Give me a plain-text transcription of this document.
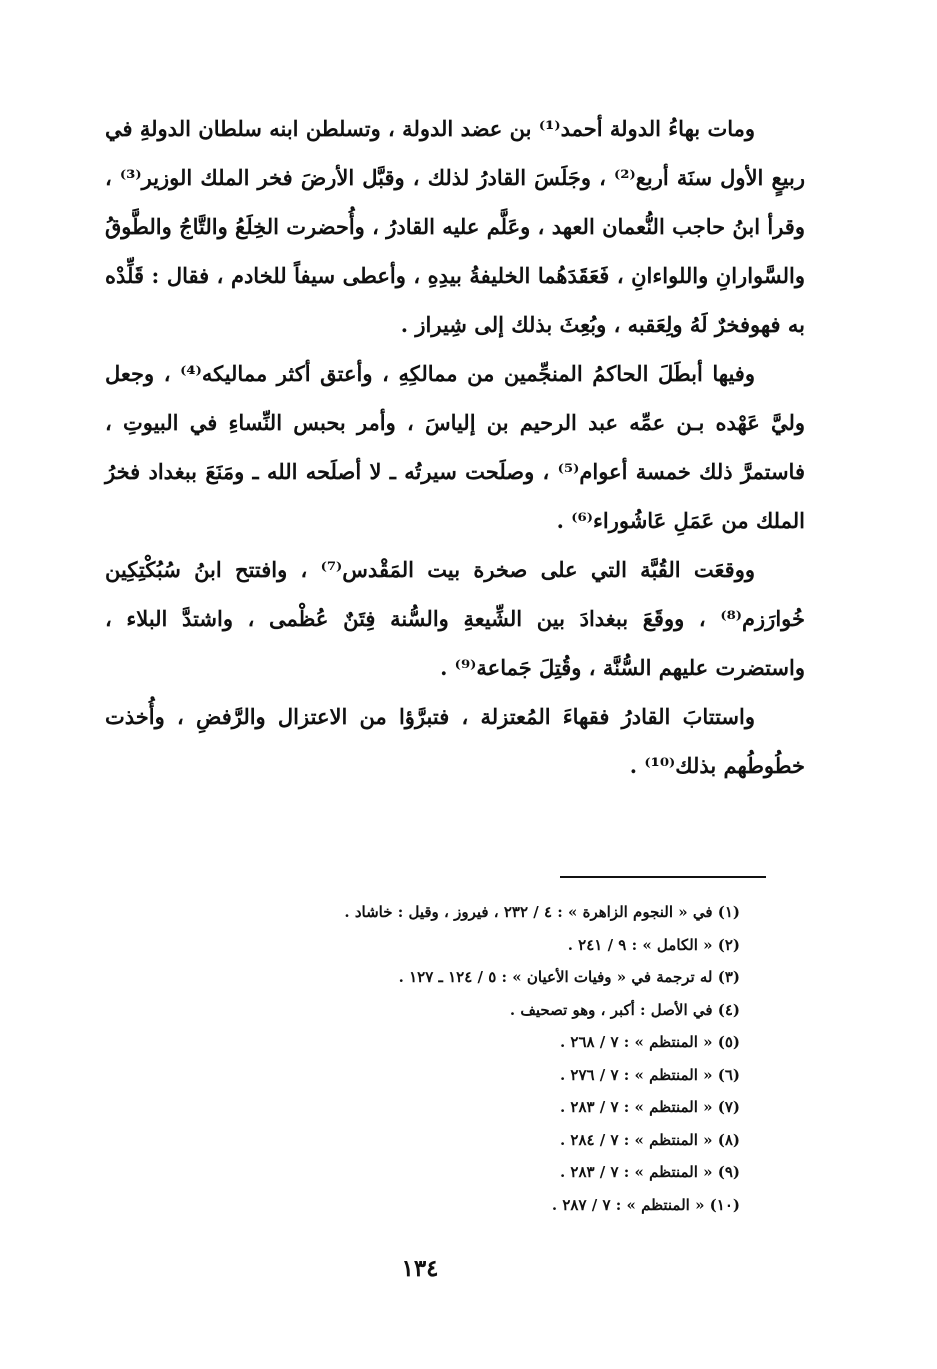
ومات بهاءُ الدولة أحمد⁽¹⁾ بن عضد الدولة ، وتسلطن ابنه سلطان الدولةِ في ربيعٍ الأول سنَة أربع⁽²⁾ ، وجَلَسَ القادرُ لذلك ، وقبَّل الأرضَ فخر الملك الوزير⁽³⁾ ، وقرأ ابنُ حاجب النُّعمان العهد ، وعَلَّم عليه القادرُ ، وأُحضرت الخِلَعُ والتَّاجُ والطَّوقُ والسَّوارانِ واللواءانِ ، فَعَقَدَهُما الخليفةُ بيدِهِ ، وأعطى سيفاً للخادم ، فقال : قَلِّدْه به فهوفخرٌ لَهُ ولِعَقبه ، وبُعِثَ بذلك إلى شِيراز .

وفيها أبطَلَ الحاكمُ المنجِّمين من ممالكِهِ ، وأعتق أكثر مماليكه⁽⁴⁾ ، وجعل وليَّ عَهْده بـن عمِّه عبد الرحيم بن إلياسَ ، وأمر بحبس النِّساءِ في البيوتِ ، فاستمرَّ ذلك خمسة أعوام⁽⁵⁾ ، وصلَحت سيرتُه ـ لا أصلَحه الله ـ ومَنَعَ ببغداد فخرُ الملك من عَمَلِ عَاشُوراء⁽⁶⁾ .

ووقعَت القُبَّة التي على صخرة بيت المَقْدس⁽⁷⁾ ، وافتتح ابنُ سُبُكْتِكِين خُوارَزم⁽⁸⁾ ، ووقَعَ ببغدادَ بين الشِّيعةِ والسُّنة فِتَنٌ عُظْمى ، واشتدَّ البلاء ، واستضرت عليهم السُّنَّة ، وقُتِلَ جَماعة⁽⁹⁾ .

واستتابَ القادرُ فقهاءَ المُعتزلة ، فتبرَّؤا من الاعتزال والرَّفضِ ، وأُخذت خطُوطُهم بذلك⁽¹⁰⁾ .

(١) في « النجوم الزاهرة » : ٤ / ٢٣٢ ، فيروز ، وقيل : خاشاد .

(٢) « الكامل » : ٩ / ٢٤١ .

(٣) له ترجمة في « وفيات الأعيان » : ٥ / ١٢٤ ـ ١٢٧ .

(٤) في الأصل : أكبر ، وهو تصحيف .

(٥) « المنتظم » : ٧ / ٢٦٨ .

(٦) « المنتظم » : ٧ / ٢٧٦ .

(٧) « المنتظم » : ٧ / ٢٨٣ .

(٨) « المنتظم » : ٧ / ٢٨٤ .

(٩) « المنتظم » : ٧ / ٢٨٣ .

(١٠) « المنتظم » : ٧ / ٢٨٧ .

١٣٤
